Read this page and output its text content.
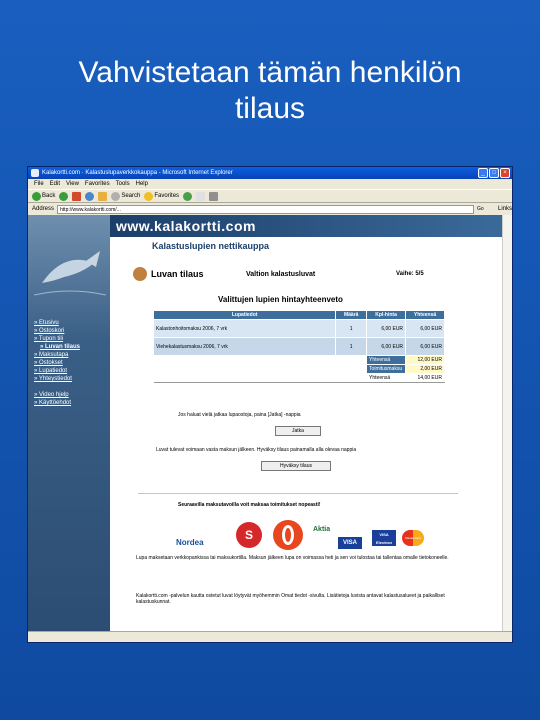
Vahvistetaan tämän henkilön
tilaus
Kalakortti.com · Kalastuslupaverkkokauppa - Microsoft Internet Explorer	_	□	×
File Edit View Favorites Tools Help
Back	Search Favorites
Address	http://www.kalakortti.com/...	Go	Links
» Etusivu
» Ostoskori
» Tupon tili
» Luvan tilaus
» Maksutapa
» Ostokset
» Lupatiedot
» Yhteystiedot
» Video hjelp
» Käyttöehdot
www.kalakortti.com
Kalastuslupien nettikauppa
Luvan tilaus	Valtion kalastusluvat	Vaihe: 5/5
Valittujen lupien hintayhteenveto
Lupatiedot	Määrä	Kpl-hinta	Yhteensä
Kalastonhoitomaksu 2006, 7 vrk	1	6,00 EUR	6,00 EUR
Viehekalastusmaksu 2006, 7 vrk	1	6,00 EUR	6,00 EUR
		Yhteensä	12,00 EUR
		Toimitusmaksu	2,00 EUR
		Yhteensä	14,00 EUR
Jos haluat vielä jatkaa lupaostoja, paina [Jatka] -nappia
Jatka
Luvat tulevat voimaan vasta maksun jälkeen. Hyväksy tilaus painamalla alla olevaa nappia
Hyväksy tilaus
Seuraavilla maksutavoilla voit maksaa toimitukset nopeasti!
Nordea
S	Aktia
VISA
VISA Electron
MasterCard
Lupa maksetaan verkkopankissa tai maksukortilla. Maksun jälkeen lupa on voimassa heti ja sen voi tulostaa tai tallentaa omalle tietokoneelle.
Kalakortti.com -palvelun kautta ostetut luvat löytyvät myöhemmin Omat tiedot -sivulta. Lisätietoja luvista antavat kalastusalueet ja paikalliset kalastuskunnat.
